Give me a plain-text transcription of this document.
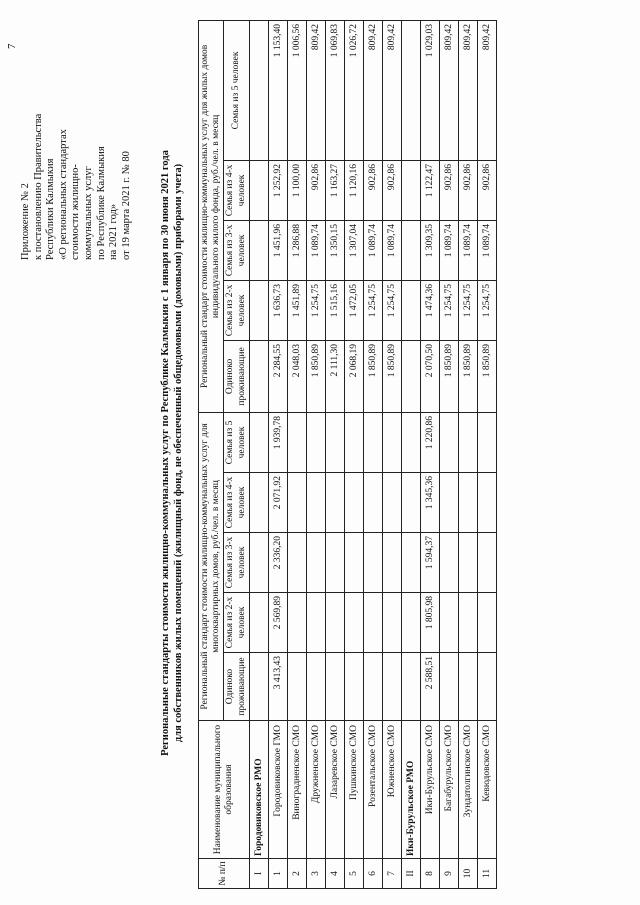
7
Приложение № 2 к постановлению Правительства Республики Калмыкия «О региональных стандартах стоимости жилищно- коммунальных услуг по Республике Калмыкия на 2021 год» от 19 марта 2021 г. № 80	Региональные стандарты стоимости жилищно-коммунальных услуг по Республике Калмыкия с 1 января по 30 июня 2021 года для собственников жилых помещений (жилищный фонд, не обеспеченный общедомовыми (домовыми) приборами учета)
№ п/п	Наименование муниципального образования	Региональный стандарт стоимости жилищно-коммунальных услуг для многоквартирных домов, руб./чел. в месяц					Региональный стандарт стоимости жилищно-коммунальных услуг для жилых домов индивидуального жилого фонда, руб./чел. в месяц				
		Одиноко проживающие	Семья из 2-х человек	Семья из 3-х человек	Семья из 4-х человек	Семья из 5 человек	Одиноко проживающие	Семья из 2-х человек	Семья из 3-х человек	Семья из 4-х человек	Семья из 5 человек
I	Городовиковское РМО										
1	Городовиковское ГМО	3 413,43	2 569,89	2 336,20	2 071,92	1 939,78	2 284,55	1 636,73	1 451,96	1 252,92	1 153,40
2	Виноградненское СМО						2 048,03	1 451,89	1 286,88	1 100,00	1 006,56
3	Дружненское СМО						1 850,89	1 254,75	1 089,74	902,86	809,42
4	Лазаревское СМО						2 111,30	1 515,16	1 350,15	1 163,27	1 069,83
5	Пушкинское СМО						2 068,19	1 472,05	1 307,04	1 120,16	1 026,72
6	Розентальское СМО						1 850,89	1 254,75	1 089,74	902,86	809,42
7	Южненское СМО						1 850,89	1 254,75	1 089,74	902,86	809,42
II	Ики-Бурульское РМО										
8	Ики-Бурульское СМО	2 588,51	1 805,98	1 594,37	1 345,36	1 220,86	2 070,50	1 474,36	1 309,35	1 122,47	1 029,03
9	Багабурульское СМО						1 850,89	1 254,75	1 089,74	902,86	809,42
10	Зундатолгинское СМО						1 850,89	1 254,75	1 089,74	902,86	809,42
11	Кевюдовское СМО						1 850,89	1 254,75	1 089,74	902,86	809,42
